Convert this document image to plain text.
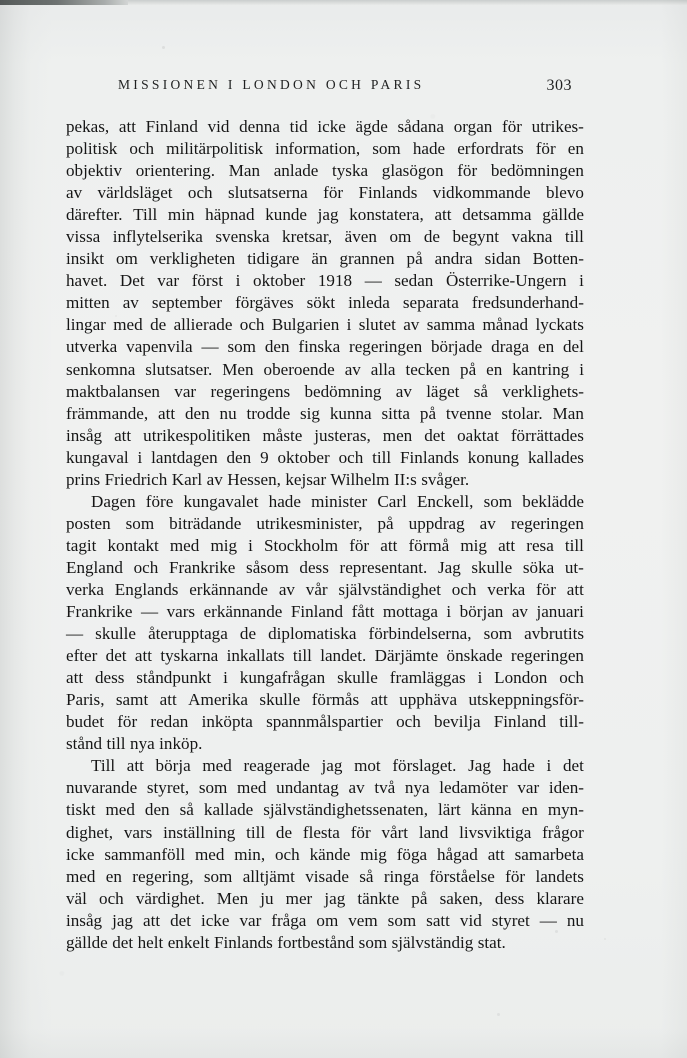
MISSIONEN I LONDON OCH PARIS	303

pekas, att Finland vid denna tid icke ägde sådana organ för utrikes-
politisk och militärpolitisk information, som hade erfordrats för en
objektiv orientering. Man anlade tyska glasögon för bedömningen
av världsläget och slutsatserna för Finlands vidkommande blevo
därefter. Till min häpnad kunde jag konstatera, att detsamma gällde
vissa inflytelserika svenska kretsar, även om de begynt vakna till
insikt om verkligheten tidigare än grannen på andra sidan Botten-
havet. Det var först i oktober 1918 — sedan Österrike-Ungern i
mitten av september förgäves sökt inleda separata fredsunderhand-
lingar med de allierade och Bulgarien i slutet av samma månad lyckats
utverka vapenvila — som den finska regeringen började draga en del
senkomna slutsatser. Men oberoende av alla tecken på en kantring i
maktbalansen var regeringens bedömning av läget så verklighets-
främmande, att den nu trodde sig kunna sitta på tvenne stolar. Man
insåg att utrikespolitiken måste justeras, men det oaktat förrättades
kungaval i lantdagen den 9 oktober och till Finlands konung kallades
prins Friedrich Karl av Hessen, kejsar Wilhelm II:s svåger.

Dagen före kungavalet hade minister Carl Enckell, som beklädde
posten som biträdande utrikesminister, på uppdrag av regeringen
tagit kontakt med mig i Stockholm för att förmå mig att resa till
England och Frankrike såsom dess representant. Jag skulle söka ut-
verka Englands erkännande av vår självständighet och verka för att
Frankrike — vars erkännande Finland fått mottaga i början av januari
— skulle återupptaga de diplomatiska förbindelserna, som avbrutits
efter det att tyskarna inkallats till landet. Därjämte önskade regeringen
att dess ståndpunkt i kungafrågan skulle framläggas i London och
Paris, samt att Amerika skulle förmås att upphäva utskeppningsför-
budet för redan inköpta spannmålspartier och bevilja Finland till-
stånd till nya inköp.

Till att börja med reagerade jag mot förslaget. Jag hade i det
nuvarande styret, som med undantag av två nya ledamöter var iden-
tiskt med den så kallade självständighetssenaten, lärt känna en myn-
dighet, vars inställning till de flesta för vårt land livsviktiga frågor
icke sammanföll med min, och kände mig föga hågad att samarbeta
med en regering, som alltjämt visade så ringa förståelse för landets
väl och värdighet. Men ju mer jag tänkte på saken, dess klarare
insåg jag att det icke var fråga om vem som satt vid styret — nu
gällde det helt enkelt Finlands fortbestånd som självständig stat.
